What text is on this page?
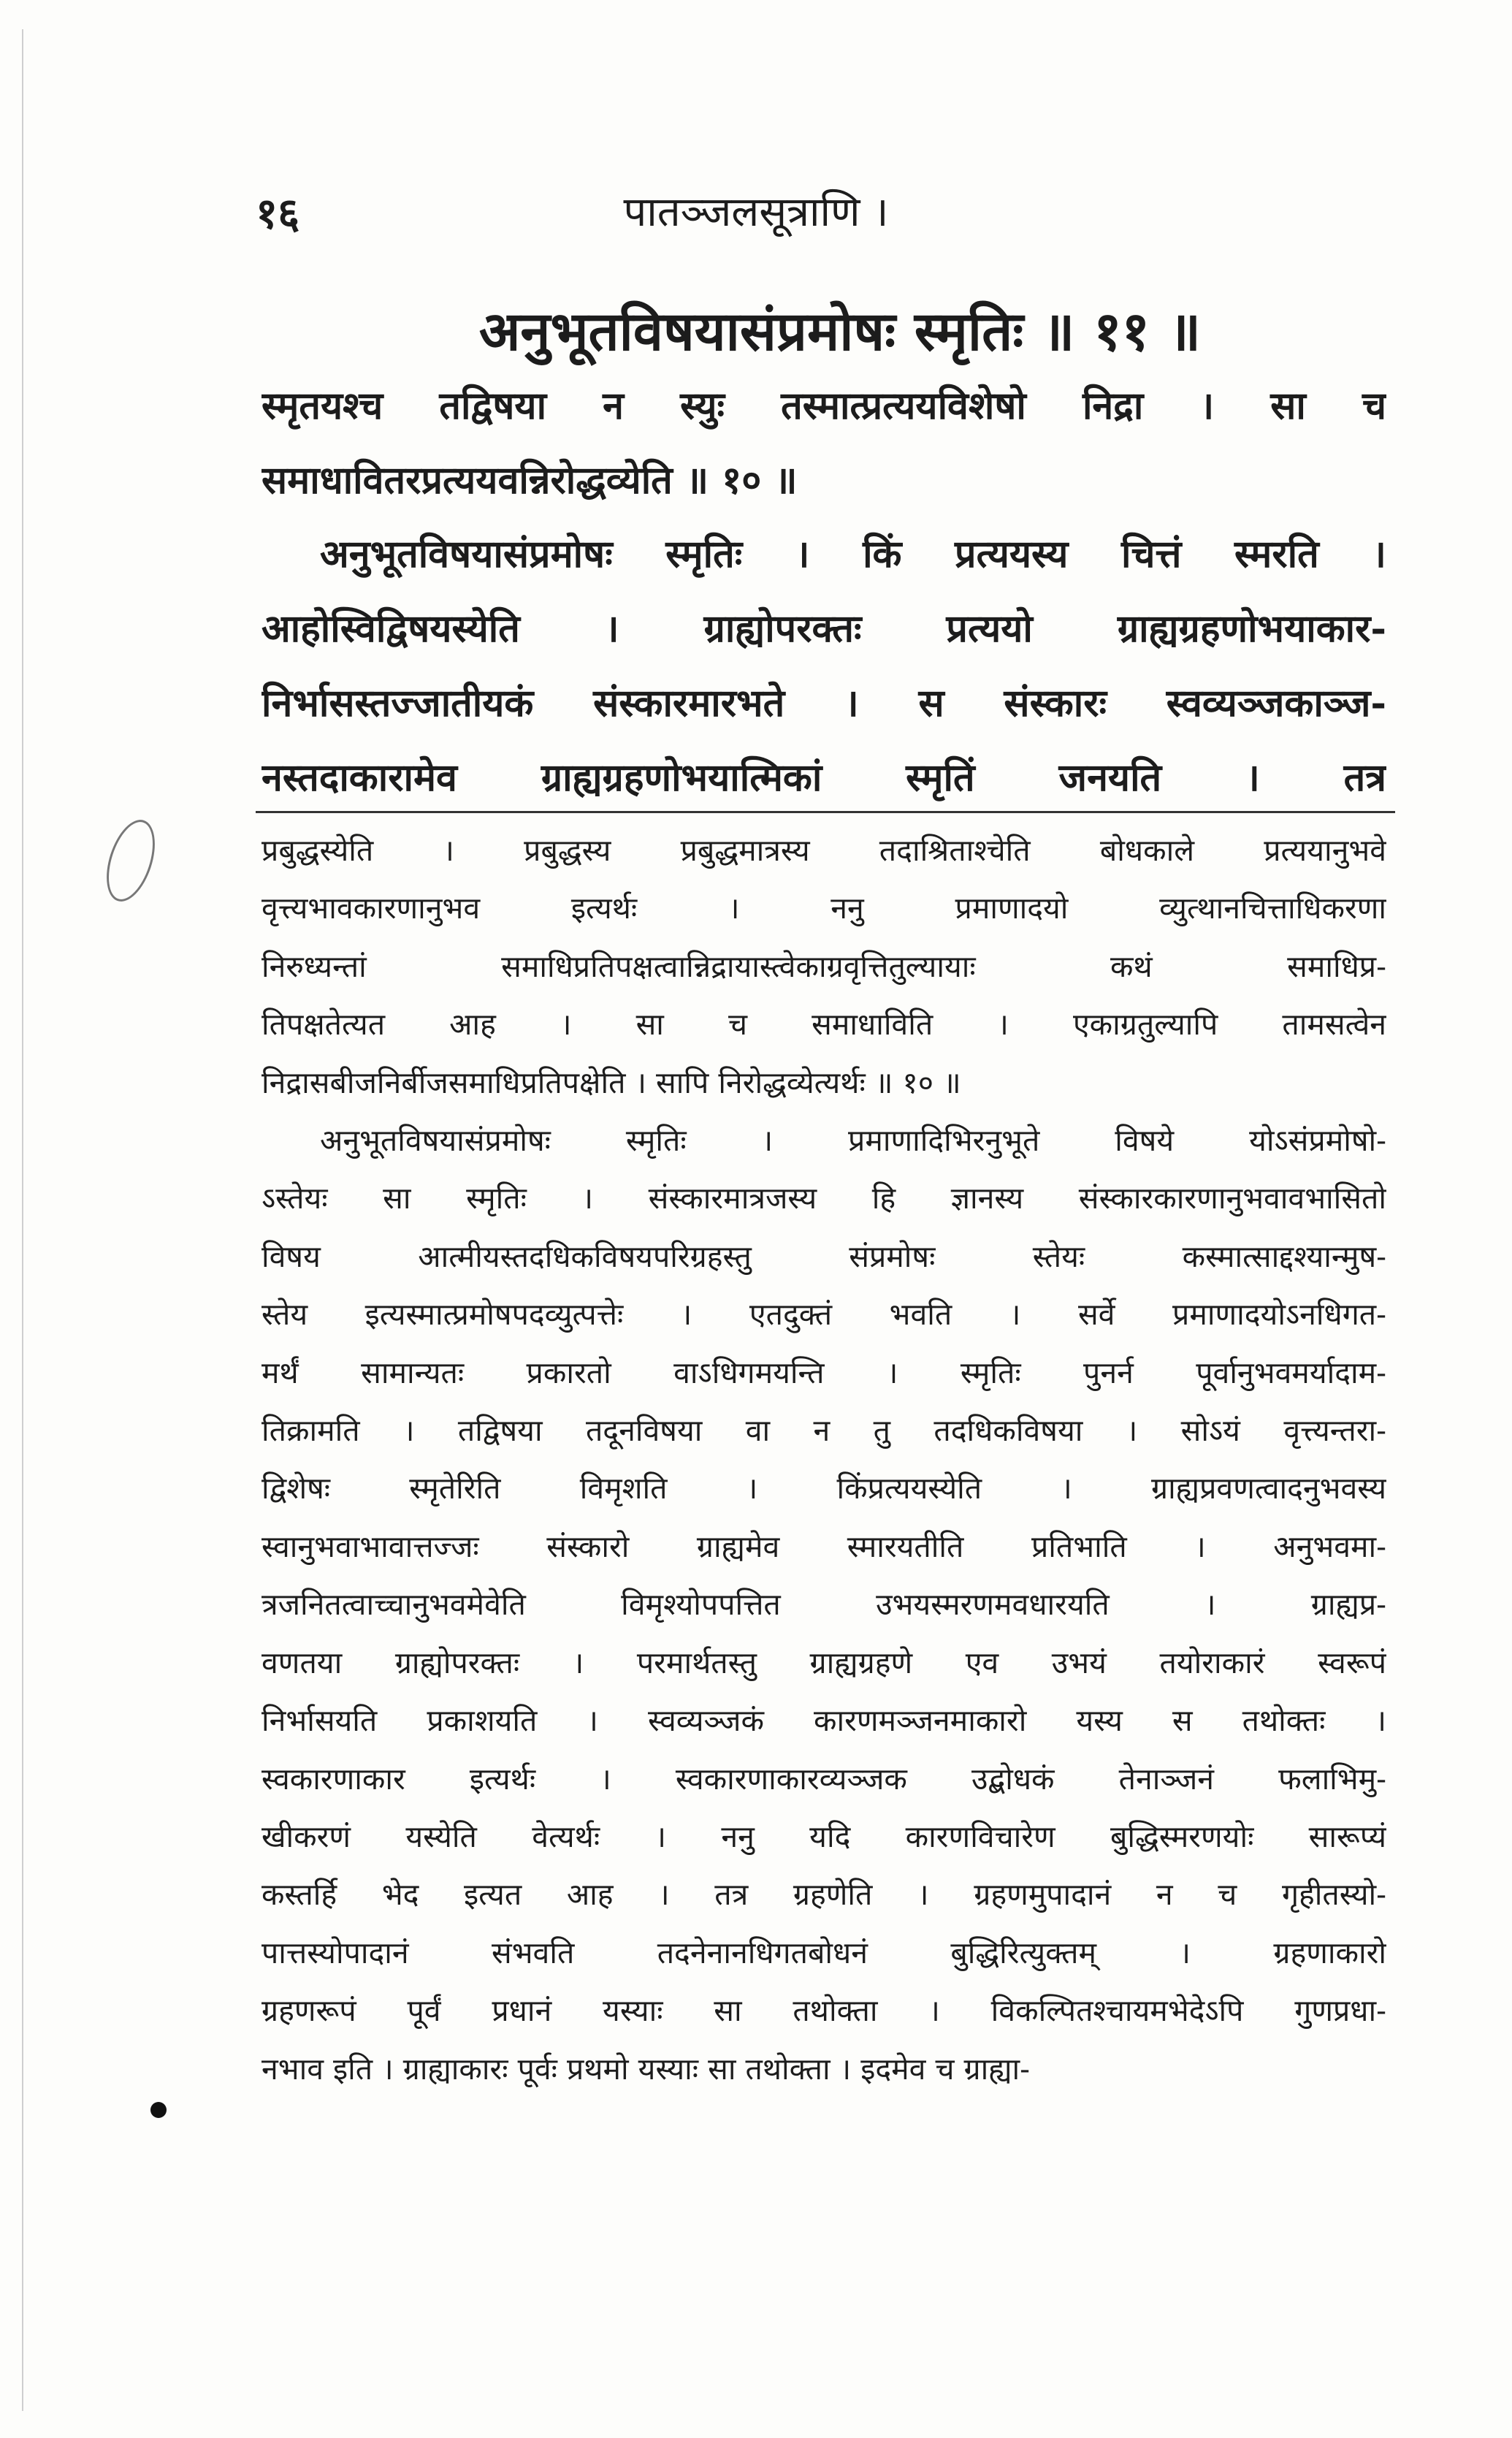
१६	पातञ्जलसूत्राणि ।
अनुभूतविषयासंप्रमोषः स्मृतिः ॥ ११ ॥
स्मृतयश्च तद्विषया न स्युः तस्मात्प्रत्ययविशेषो निद्रा । सा च
समाधावितरप्रत्ययवन्निरोद्धव्येति ॥ १० ॥
अनुभूतविषयासंप्रमोषः स्मृतिः । किं प्रत्ययस्य चित्तं स्मरति ।
आहोस्विद्विषयस्येति । ग्राह्योपरक्तः प्रत्ययो ग्राह्यग्रहणोभयाकार-
निर्भासस्तज्जातीयकं संस्कारमारभते । स संस्कारः स्वव्यञ्जकाञ्ज-
नस्तदाकारामेव ग्राह्यग्रहणोभयात्मिकां स्मृतिं जनयति । तत्र
प्रबुद्धस्येति । प्रबुद्धस्य प्रबुद्धमात्रस्य तदाश्रिताश्चेति बोधकाले प्रत्ययानुभवे
वृत्त्यभावकारणानुभव इत्यर्थः । ननु प्रमाणादयो व्युत्थानचित्ताधिकरणा
निरुध्यन्तां समाधिप्रतिपक्षत्वान्निद्रायास्त्वेकाग्रवृत्तितुल्यायाः कथं समाधिप्र-
तिपक्षतेत्यत आह । सा च समाधाविति । एकाग्रतुल्यापि तामसत्वेन
निद्रासबीजनिर्बीजसमाधिप्रतिपक्षेति । सापि निरोद्धव्येत्यर्थः ॥ १० ॥
अनुभूतविषयासंप्रमोषः स्मृतिः । प्रमाणादिभिरनुभूते विषये योऽसंप्रमोषो-
ऽस्तेयः सा स्मृतिः । संस्कारमात्रजस्य हि ज्ञानस्य संस्कारकारणानुभवावभासितो
विषय आत्मीयस्तदधिकविषयपरिग्रहस्तु संप्रमोषः स्तेयः कस्मात्साद्दश्यान्मुष-
स्तेय इत्यस्मात्प्रमोषपदव्युत्पत्तेः । एतदुक्तं भवति । सर्वे प्रमाणादयोऽनधिगत-
मर्थं सामान्यतः प्रकारतो वाऽधिगमयन्ति । स्मृतिः पुनर्न पूर्वानुभवमर्यादाम-
तिक्रामति । तद्विषया तदूनविषया वा न तु तदधिकविषया । सोऽयं वृत्त्यन्तरा-
द्विशेषः स्मृतेरिति विमृशति । किंप्रत्ययस्येति । ग्राह्यप्रवणत्वादनुभवस्य
स्वानुभवाभावात्तज्जः संस्कारो ग्राह्यमेव स्मारयतीति प्रतिभाति । अनुभवमा-
त्रजनितत्वाच्चानुभवमेवेति विमृश्योपपत्तित उभयस्मरणमवधारयति । ग्राह्यप्र-
वणतया ग्राह्योपरक्तः । परमार्थतस्तु ग्राह्यग्रहणे एव उभयं तयोराकारं स्वरूपं
निर्भासयति प्रकाशयति । स्वव्यञ्जकं कारणमञ्जनमाकारो यस्य स तथोक्तः ।
स्वकारणाकार इत्यर्थः । स्वकारणाकारव्यञ्जक उद्बोधकं तेनाञ्जनं फलाभिमु-
खीकरणं यस्येति वेत्यर्थः । ननु यदि कारणविचारेण बुद्धिस्मरणयोः सारूप्यं
कस्तर्हि भेद इत्यत आह । तत्र ग्रहणेति । ग्रहणमुपादानं न च गृहीतस्यो-
पात्तस्योपादानं संभवति तदनेनानधिगतबोधनं बुद्धिरित्युक्तम् । ग्रहणाकारो
ग्रहणरूपं पूर्वं प्रधानं यस्याः सा तथोक्ता । विकल्पितश्चायमभेदेऽपि गुणप्रधा-
नभाव इति । ग्राह्याकारः पूर्वः प्रथमो यस्याः सा तथोक्ता । इदमेव च ग्राह्या-
